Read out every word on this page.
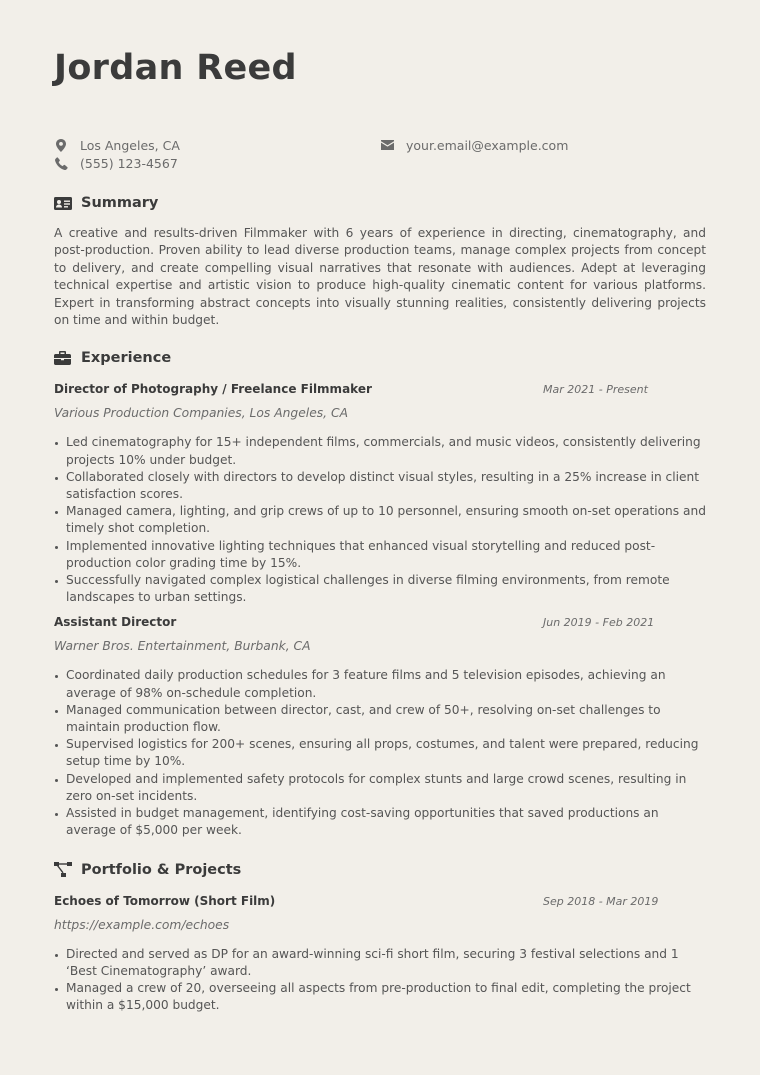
Jordan Reed
Los Angeles, CA
(555) 123-4567
your.email@example.com
Summary

A creative and results-driven Filmmaker with 6 years of experience in directing, cinematography, and post-production. Proven ability to lead diverse production teams, manage complex projects from concept to delivery, and create compelling visual narratives that resonate with audiences. Adept at leveraging technical expertise and artistic vision to produce high-quality cinematic content for various platforms. Expert in transforming abstract concepts into visually stunning realities, consistently delivering projects on time and within budget.

Experience
Director of Photography / Freelance Filmmaker	Mar 2021 - Present
Various Production Companies, Los Angeles, CA
Led cinematography for 15+ independent films, commercials, and music videos, consistently delivering projects 10% under budget.
Collaborated closely with directors to develop distinct visual styles, resulting in a 25% increase in client satisfaction scores.
Managed camera, lighting, and grip crews of up to 10 personnel, ensuring smooth on-set operations and timely shot completion.
Implemented innovative lighting techniques that enhanced visual storytelling and reduced post-production color grading time by 15%.
Successfully navigated complex logistical challenges in diverse filming environments, from remote landscapes to urban settings.
Assistant Director	Jun 2019 - Feb 2021
Warner Bros. Entertainment, Burbank, CA
Coordinated daily production schedules for 3 feature films and 5 television episodes, achieving an average of 98% on-schedule completion.
Managed communication between director, cast, and crew of 50+, resolving on-set challenges to maintain production flow.
Supervised logistics for 200+ scenes, ensuring all props, costumes, and talent were prepared, reducing setup time by 10%.
Developed and implemented safety protocols for complex stunts and large crowd scenes, resulting in zero on-set incidents.
Assisted in budget management, identifying cost-saving opportunities that saved productions an average of $5,000 per week.
Portfolio & Projects
Echoes of Tomorrow (Short Film)	Sep 2018 - Mar 2019
https://example.com/echoes
Directed and served as DP for an award-winning sci-fi short film, securing 3 festival selections and 1 ‘Best Cinematography’ award.
Managed a crew of 20, overseeing all aspects from pre-production to final edit, completing the project within a $15,000 budget.
